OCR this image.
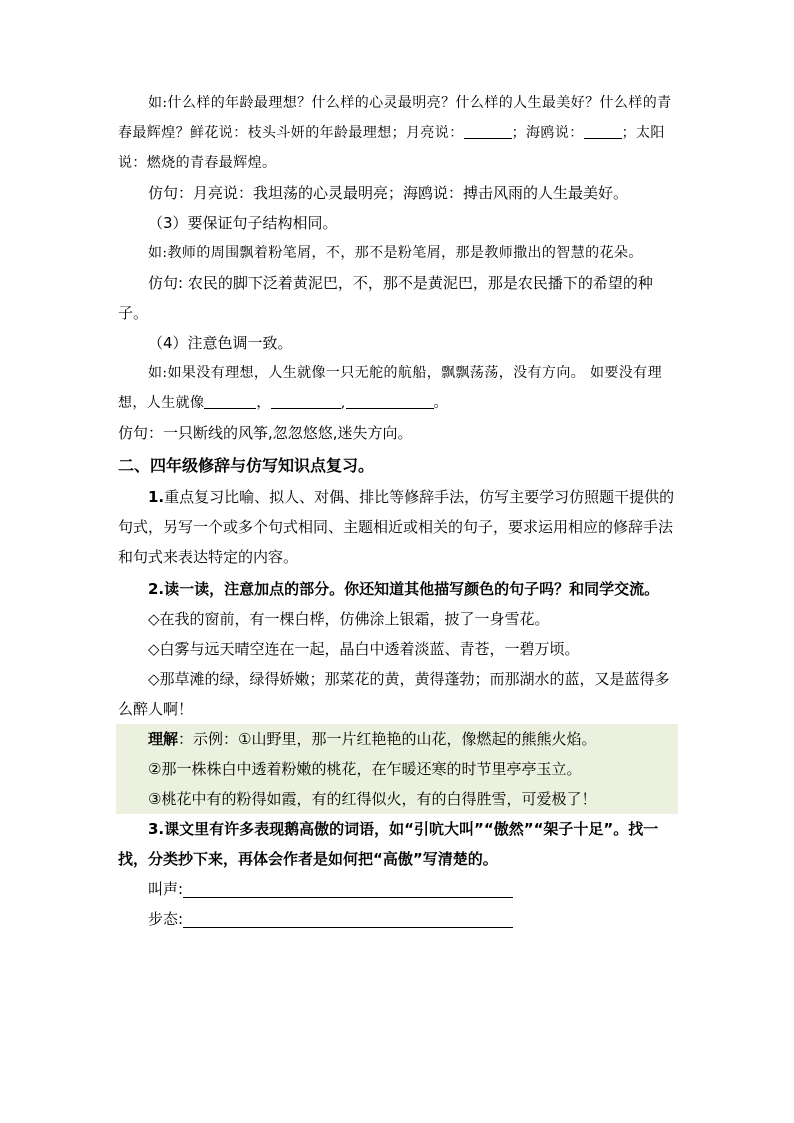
如:什么样的年龄最理想？什么样的心灵最明亮？什么样的人生最美好？什么样的青春最辉煌？鲜花说：枝头斗妍的年龄最理想；月亮说：	；海鸥说：	；太阳说：燃烧的青春最辉煌。

仿句：月亮说：我坦荡的心灵最明亮；海鸥说：搏击风雨的人生最美好。

（3）要保证句子结构相同。

如:教师的周围飘着粉笔屑，不，那不是粉笔屑，那是教师撒出的智慧的花朵。

仿句: 农民的脚下泛着黄泥巴，不，那不是黄泥巴，那是农民播下的希望的种子。

（4）注意色调一致。

如:如果没有理想，人生就像一只无舵的航船，飘飘荡荡，没有方向。 如要没有理想，人生就像	，	,	。

仿句：一只断线的风筝,忽忽悠悠,迷失方向。

二、四年级修辞与仿写知识点复习。

1.重点复习比喻、拟人、对偶、排比等修辞手法，仿写主要学习仿照题干提供的句式，另写一个或多个句式相同、主题相近或相关的句子，要求运用相应的修辞手法和句式来表达特定的内容。

2.读一读，注意加点的部分。你还知道其他描写颜色的句子吗？和同学交流。

◇在我的窗前，有一棵白桦，仿佛涂上银霜，披了一身雪花。

◇白雾与远天晴空连在一起，晶白中透着淡蓝、青苍，一碧万顷。

◇那草滩的绿，绿得娇嫩；那菜花的黄，黄得蓬勃；而那湖水的蓝，又是蓝得多么醉人啊！

理解：示例：①山野里，那一片红艳艳的山花，像燃起的熊熊火焰。

②那一株株白中透着粉嫩的桃花，在乍暖还寒的时节里亭亭玉立。

③桃花中有的粉得如霞，有的红得似火，有的白得胜雪，可爱极了！

3.课文里有许多表现鹅高傲的词语，如“引吭大叫”“傲然”“架子十足”。找一找，分类抄下来，再体会作者是如何把“高傲”写清楚的。

叫声:

步态:
